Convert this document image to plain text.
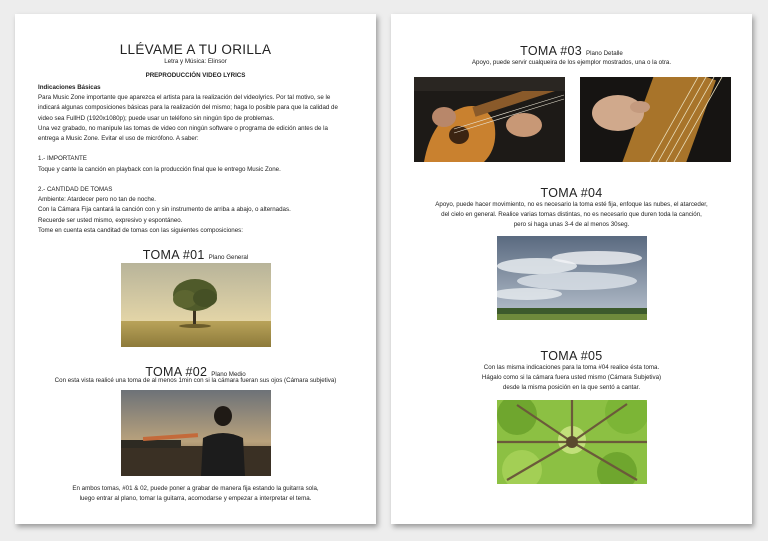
LLÉVAME A TU ORILLA
Letra y Música: Elinsor
PREPRODUCCIÓN VIDEO LYRICS

Indicaciones Básicas

Para Music Zone importante que aparezca el artista para la realización del videolyrics. Por tal motivo, se le

indicará algunas composiciones básicas para la realización del mismo; haga lo posible para que la calidad de

video sea FullHD (1920x1080p); puede usar un teléfono sin ningún tipo de problemas.

Una vez grabado, no manipule las tomas de video con ningún software o programa de edición antes de la

entrega a Music Zone. Evitar el uso de micrófono. A saber:

1.- IMPORTANTE

Toque y cante la canción en playback con la producción final que le entrego Music Zone.

2.- CANTIDAD DE TOMAS

Ambiente: Atardecer pero no tan de noche.

Con la Cámara Fija cantará la canción con y sin instrumento de arriba a abajo, o alternadas.

Recuerde ser usted mismo, expresivo y espontáneo.

Tome en cuenta esta canditad de tomas con las siguientes composiciones:

TOMA #01 Plano General
TOMA #02 Plano Medio
Con esta vista realicé una toma de al menos 1min con si la cámara fueran sus ojos (Cámara subjetiva)
En ambos tomas, #01 & 02, puede poner a grabar de manera fija estando la guitarra sola,
luego entrar al plano, tomar la guitarra, acomodarse y empezar a interpretar el tema.
TOMA #03 Plano Detalle
Apoyo, puede servir cualqueira de los ejemplor mostrados, una o la otra.
TOMA #04
Apoyo, puede hacer movimiento, no es necesario la toma esté fija, enfoque las nubes, el atarceder,
del cielo en general. Realice varias tomas distintas, no es necesario que duren toda la canción,
pero si haga unas 3-4 de al menos 30seg.
TOMA #05
Con las misma indicaciones para la toma #04 realice ésta toma.
Hágalo como si la cámara fuera usted mismo (Cámara Subjetiva)
desde la misma posición en la que sentó a cantar.
